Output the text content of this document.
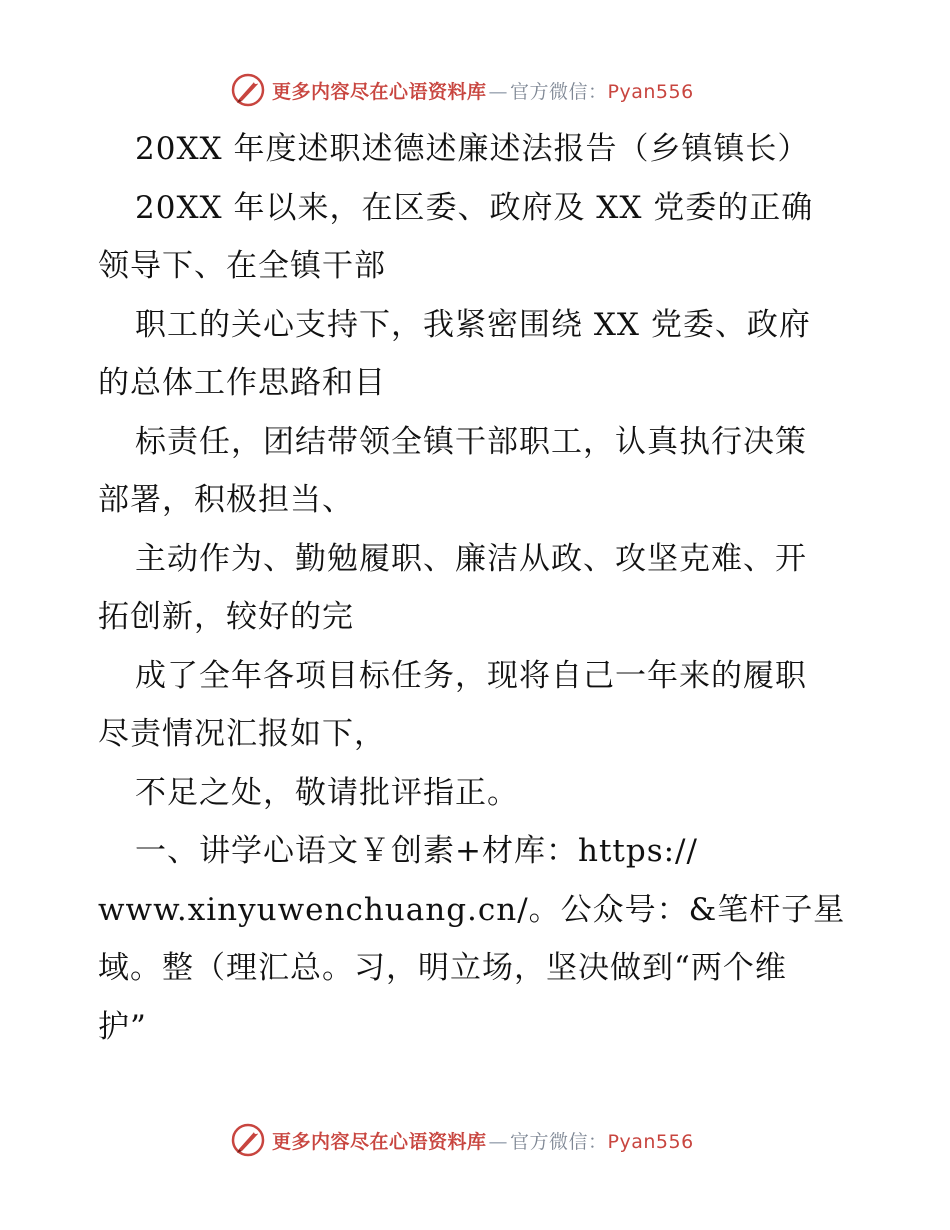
更多内容尽在心语资料库 — 官方微信：Pyan556
20XX 年度述职述德述廉述法报告（乡镇镇长）
20XX 年以来，在区委、政府及 XX 党委的正确
领导下、在全镇干部
职工的关心支持下，我紧密围绕 XX 党委、政府
的总体工作思路和目
标责任，团结带领全镇干部职工，认真执行决策
部署，积极担当、
主动作为、勤勉履职、廉洁从政、攻坚克难、开
拓创新，较好的完
成了全年各项目标任务，现将自己一年来的履职
尽责情况汇报如下，
不足之处，敬请批评指正。
一、讲学心语文￥创素+材库：https://
www.xinyuwenchuang.cn/。公众号：&笔杆子星
域。整（理汇总。习，明立场，坚决做到“两个维
护”
更多内容尽在心语资料库 — 官方微信：Pyan556
